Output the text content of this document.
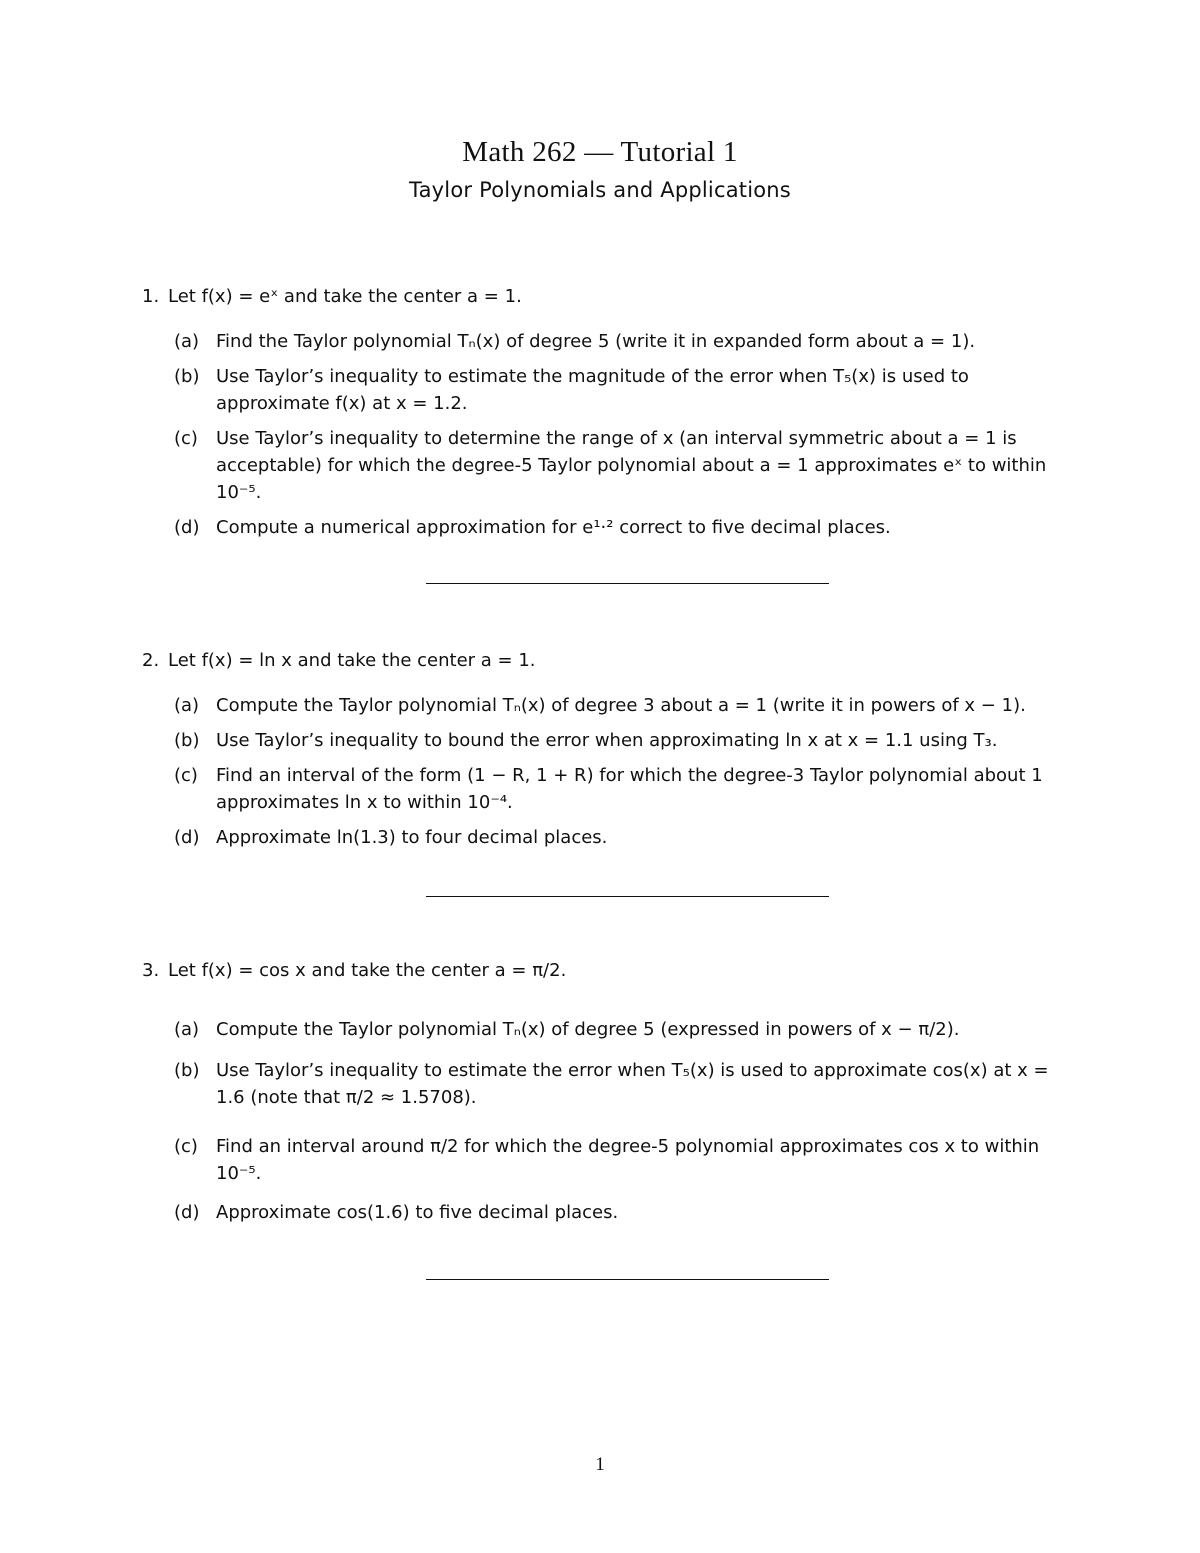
Math 262 — Tutorial 1
Taylor Polynomials and Applications
1. Let f(x) = eˣ and take the center a = 1.
(a) Find the Taylor polynomial Tₙ(x) of degree 5 (write it in expanded form about a = 1).
(b) Use Taylor’s inequality to estimate the magnitude of the error when T₅(x) is used to approximate f(x) at x = 1.2.
(c) Use Taylor’s inequality to determine the range of x (an interval symmetric about a = 1 is acceptable) for which the degree-5 Taylor polynomial about a = 1 approximates eˣ to within 10⁻⁵.
(d) Compute a numerical approximation for e¹·² correct to five decimal places.
2. Let f(x) = ln x and take the center a = 1.
(a) Compute the Taylor polynomial Tₙ(x) of degree 3 about a = 1 (write it in powers of x − 1).
(b) Use Taylor’s inequality to bound the error when approximating ln x at x = 1.1 using T₃.
(c) Find an interval of the form (1 − R, 1 + R) for which the degree-3 Taylor polynomial about 1 approximates ln x to within 10⁻⁴.
(d) Approximate ln(1.3) to four decimal places.
3. Let f(x) = cos x and take the center a = π/2.
(a) Compute the Taylor polynomial Tₙ(x) of degree 5 (expressed in powers of x − π/2).
(b) Use Taylor’s inequality to estimate the error when T₅(x) is used to approximate cos(x) at x = 1.6 (note that π/2 ≈ 1.5708).
(c) Find an interval around π/2 for which the degree-5 polynomial approximates cos x to within 10⁻⁵.
(d) Approximate cos(1.6) to five decimal places.
1
